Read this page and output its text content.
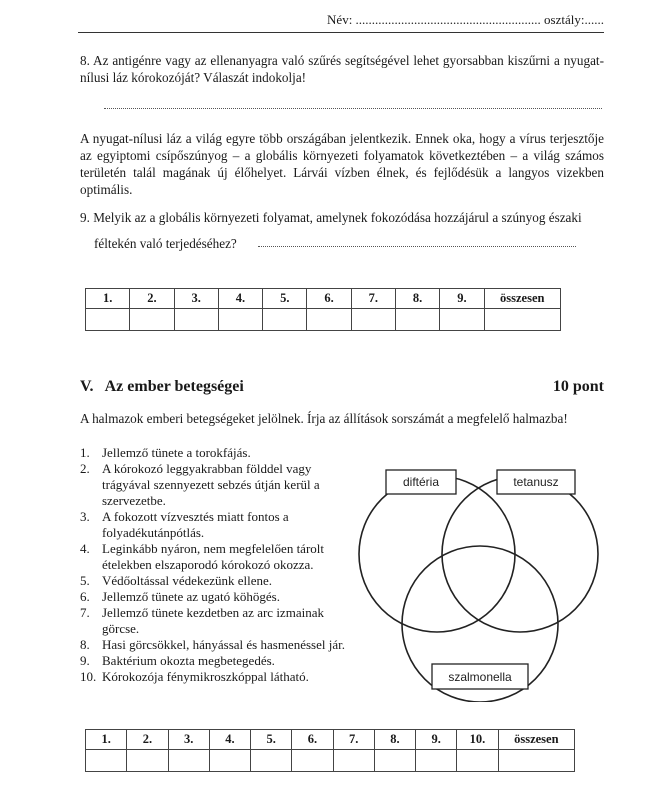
Név: ......................................................... osztály:......
8. Az antigénre vagy az ellenanyagra való szűrés segítségével lehet gyorsabban kiszűrni a nyugat-nílusi láz kórokozóját? Válaszát indokolja!
A nyugat-nílusi láz a világ egyre több országában jelentkezik. Ennek oka, hogy a vírus terjesztője az egyiptomi csípőszúnyog – a globális környezeti folyamatok következtében – a világ számos területén talál magának új élőhelyet. Lárvái vízben élnek, és fejlődésük a langyos vizekben optimális.
9. Melyik az a globális környezeti folyamat, amelynek fokozódása hozzájárul a szúnyog északi
féltekén való terjedéséhez?
1.	2.	3.	4.	5.	6.	7.	8.	9.	összesen

V.   Az ember betegségei	10 pont
A halmazok emberi betegségeket jelölnek. Írja az állítások sorszámát a megfelelő halmazba!
1. Jellemző tünete a torokfájás.
2. A kórokozó leggyakrabban földdel vagy trágyával szennyezett sebzés útján kerül a szervezetbe.
3. A fokozott vízvesztés miatt fontos a folyadékutánpótlás.
4. Leginkább nyáron, nem megfelelően tárolt ételekben elszaporodó kórokozó okozza.
5. Védőoltással védekezünk ellene.
6. Jellemző tünete az ugató köhögés.
7. Jellemző tünete kezdetben az arc izmainak görcse.
8. Hasi görcsökkel, hányással és hasmenéssel jár.
9. Baktérium okozta megbetegedés.
10. Kórokozója fénymikroszkóppal látható.
diftéria	tetanusz
szalmonella
1.	2.	3.	4.	5.	6.	7.	8.	9.	10.	összesen
